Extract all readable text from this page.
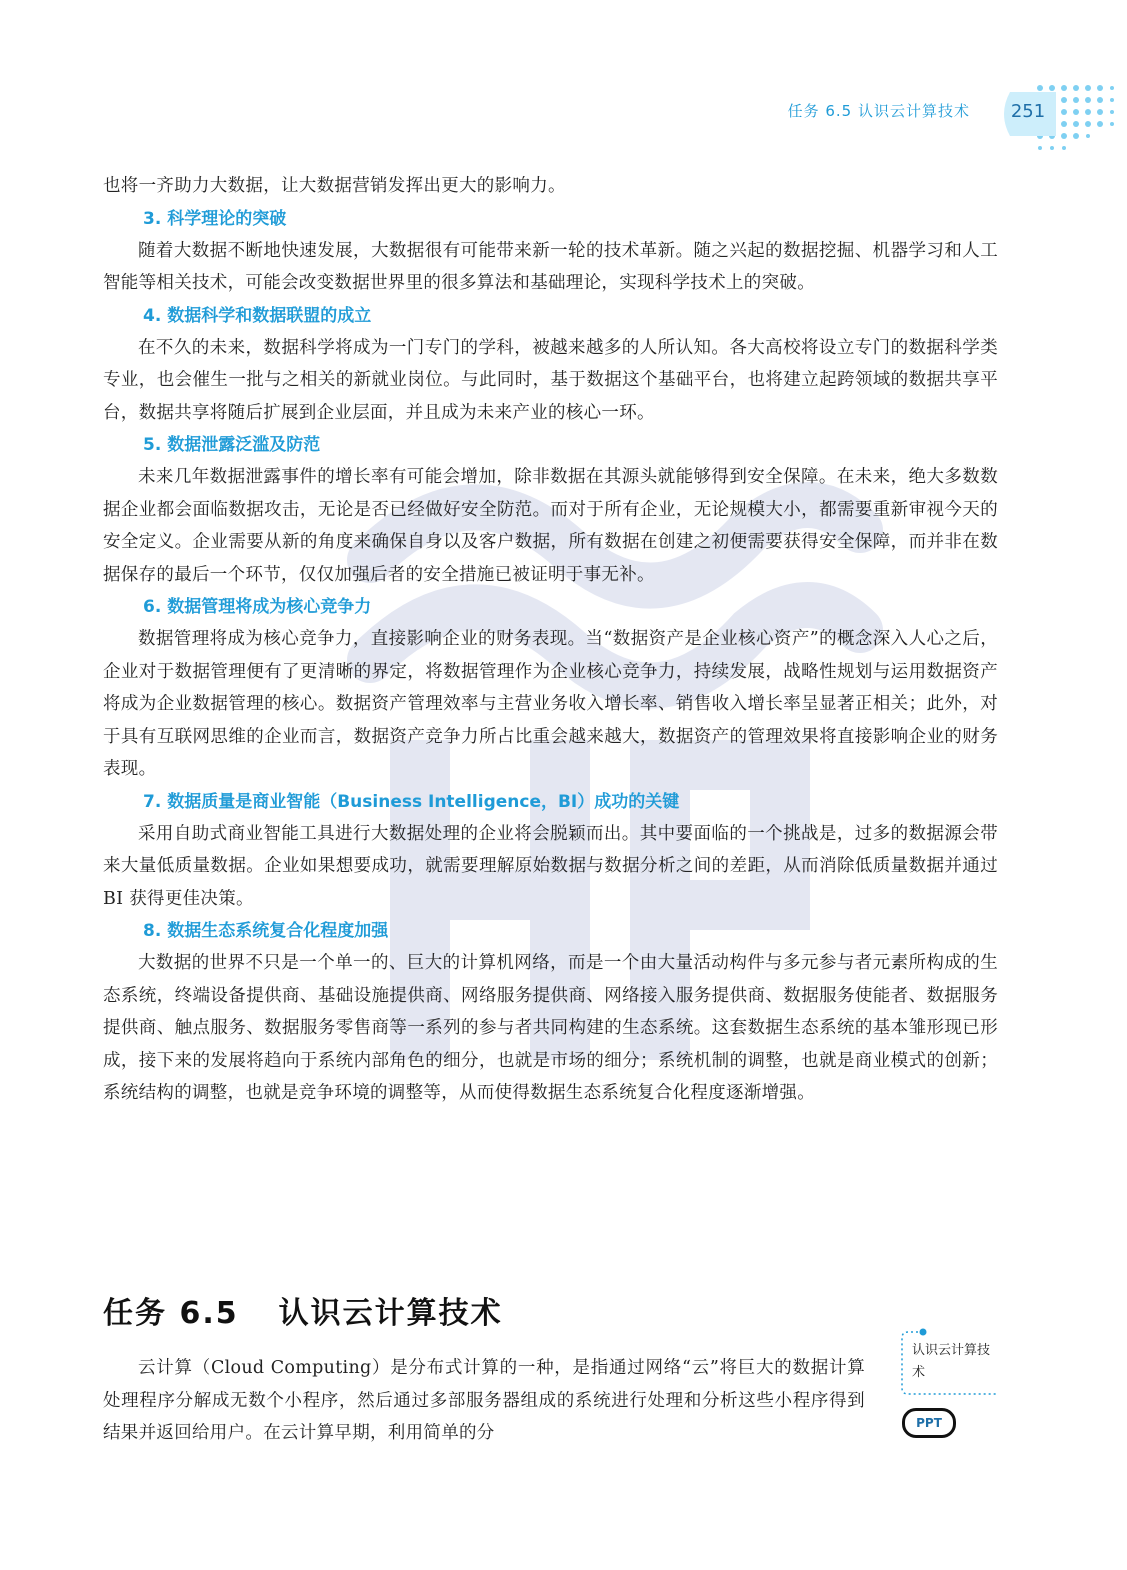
任务 6.5 认识云计算技术	251

也将一齐助力大数据，让大数据营销发挥出更大的影响力。

3. 科学理论的突破

随着大数据不断地快速发展，大数据很有可能带来新一轮的技术革新。随之兴起的数据挖掘、机器学习和人工智能等相关技术，可能会改变数据世界里的很多算法和基础理论，实现科学技术上的突破。

4. 数据科学和数据联盟的成立

在不久的未来，数据科学将成为一门专门的学科，被越来越多的人所认知。各大高校将设立专门的数据科学类专业，也会催生一批与之相关的新就业岗位。与此同时，基于数据这个基础平台，也将建立起跨领域的数据共享平台，数据共享将随后扩展到企业层面，并且成为未来产业的核心一环。

5. 数据泄露泛滥及防范

未来几年数据泄露事件的增长率有可能会增加，除非数据在其源头就能够得到安全保障。在未来，绝大多数数据企业都会面临数据攻击，无论是否已经做好安全防范。而对于所有企业，无论规模大小，都需要重新审视今天的安全定义。企业需要从新的角度来确保自身以及客户数据，所有数据在创建之初便需要获得安全保障，而并非在数据保存的最后一个环节，仅仅加强后者的安全措施已被证明于事无补。

6. 数据管理将成为核心竞争力

数据管理将成为核心竞争力，直接影响企业的财务表现。当“数据资产是企业核心资产”的概念深入人心之后，企业对于数据管理便有了更清晰的界定，将数据管理作为企业核心竞争力，持续发展，战略性规划与运用数据资产将成为企业数据管理的核心。数据资产管理效率与主营业务收入增长率、销售收入增长率呈显著正相关；此外，对于具有互联网思维的企业而言，数据资产竞争力所占比重会越来越大，数据资产的管理效果将直接影响企业的财务表现。

7. 数据质量是商业智能（Business Intelligence，BI）成功的关键

采用自助式商业智能工具进行大数据处理的企业将会脱颖而出。其中要面临的一个挑战是，过多的数据源会带来大量低质量数据。企业如果想要成功，就需要理解原始数据与数据分析之间的差距，从而消除低质量数据并通过 BI 获得更佳决策。

8. 数据生态系统复合化程度加强

大数据的世界不只是一个单一的、巨大的计算机网络，而是一个由大量活动构件与多元参与者元素所构成的生态系统，终端设备提供商、基础设施提供商、网络服务提供商、网络接入服务提供商、数据服务使能者、数据服务提供商、触点服务、数据服务零售商等一系列的参与者共同构建的生态系统。这套数据生态系统的基本雏形现已形成，接下来的发展将趋向于系统内部角色的细分，也就是市场的细分；系统机制的调整，也就是商业模式的创新；系统结构的调整，也就是竞争环境的调整等，从而使得数据生态系统复合化程度逐渐增强。

任务 6.5 认识云计算技术

云计算（Cloud Computing）是分布式计算的一种，是指通过网络“云”将巨大的数据计算处理程序分解成无数个小程序，然后通过多部服务器组成的系统进行处理和分析这些小程序得到结果并返回给用户。在云计算早期，利用简单的分

认识云计算技术
PPT
